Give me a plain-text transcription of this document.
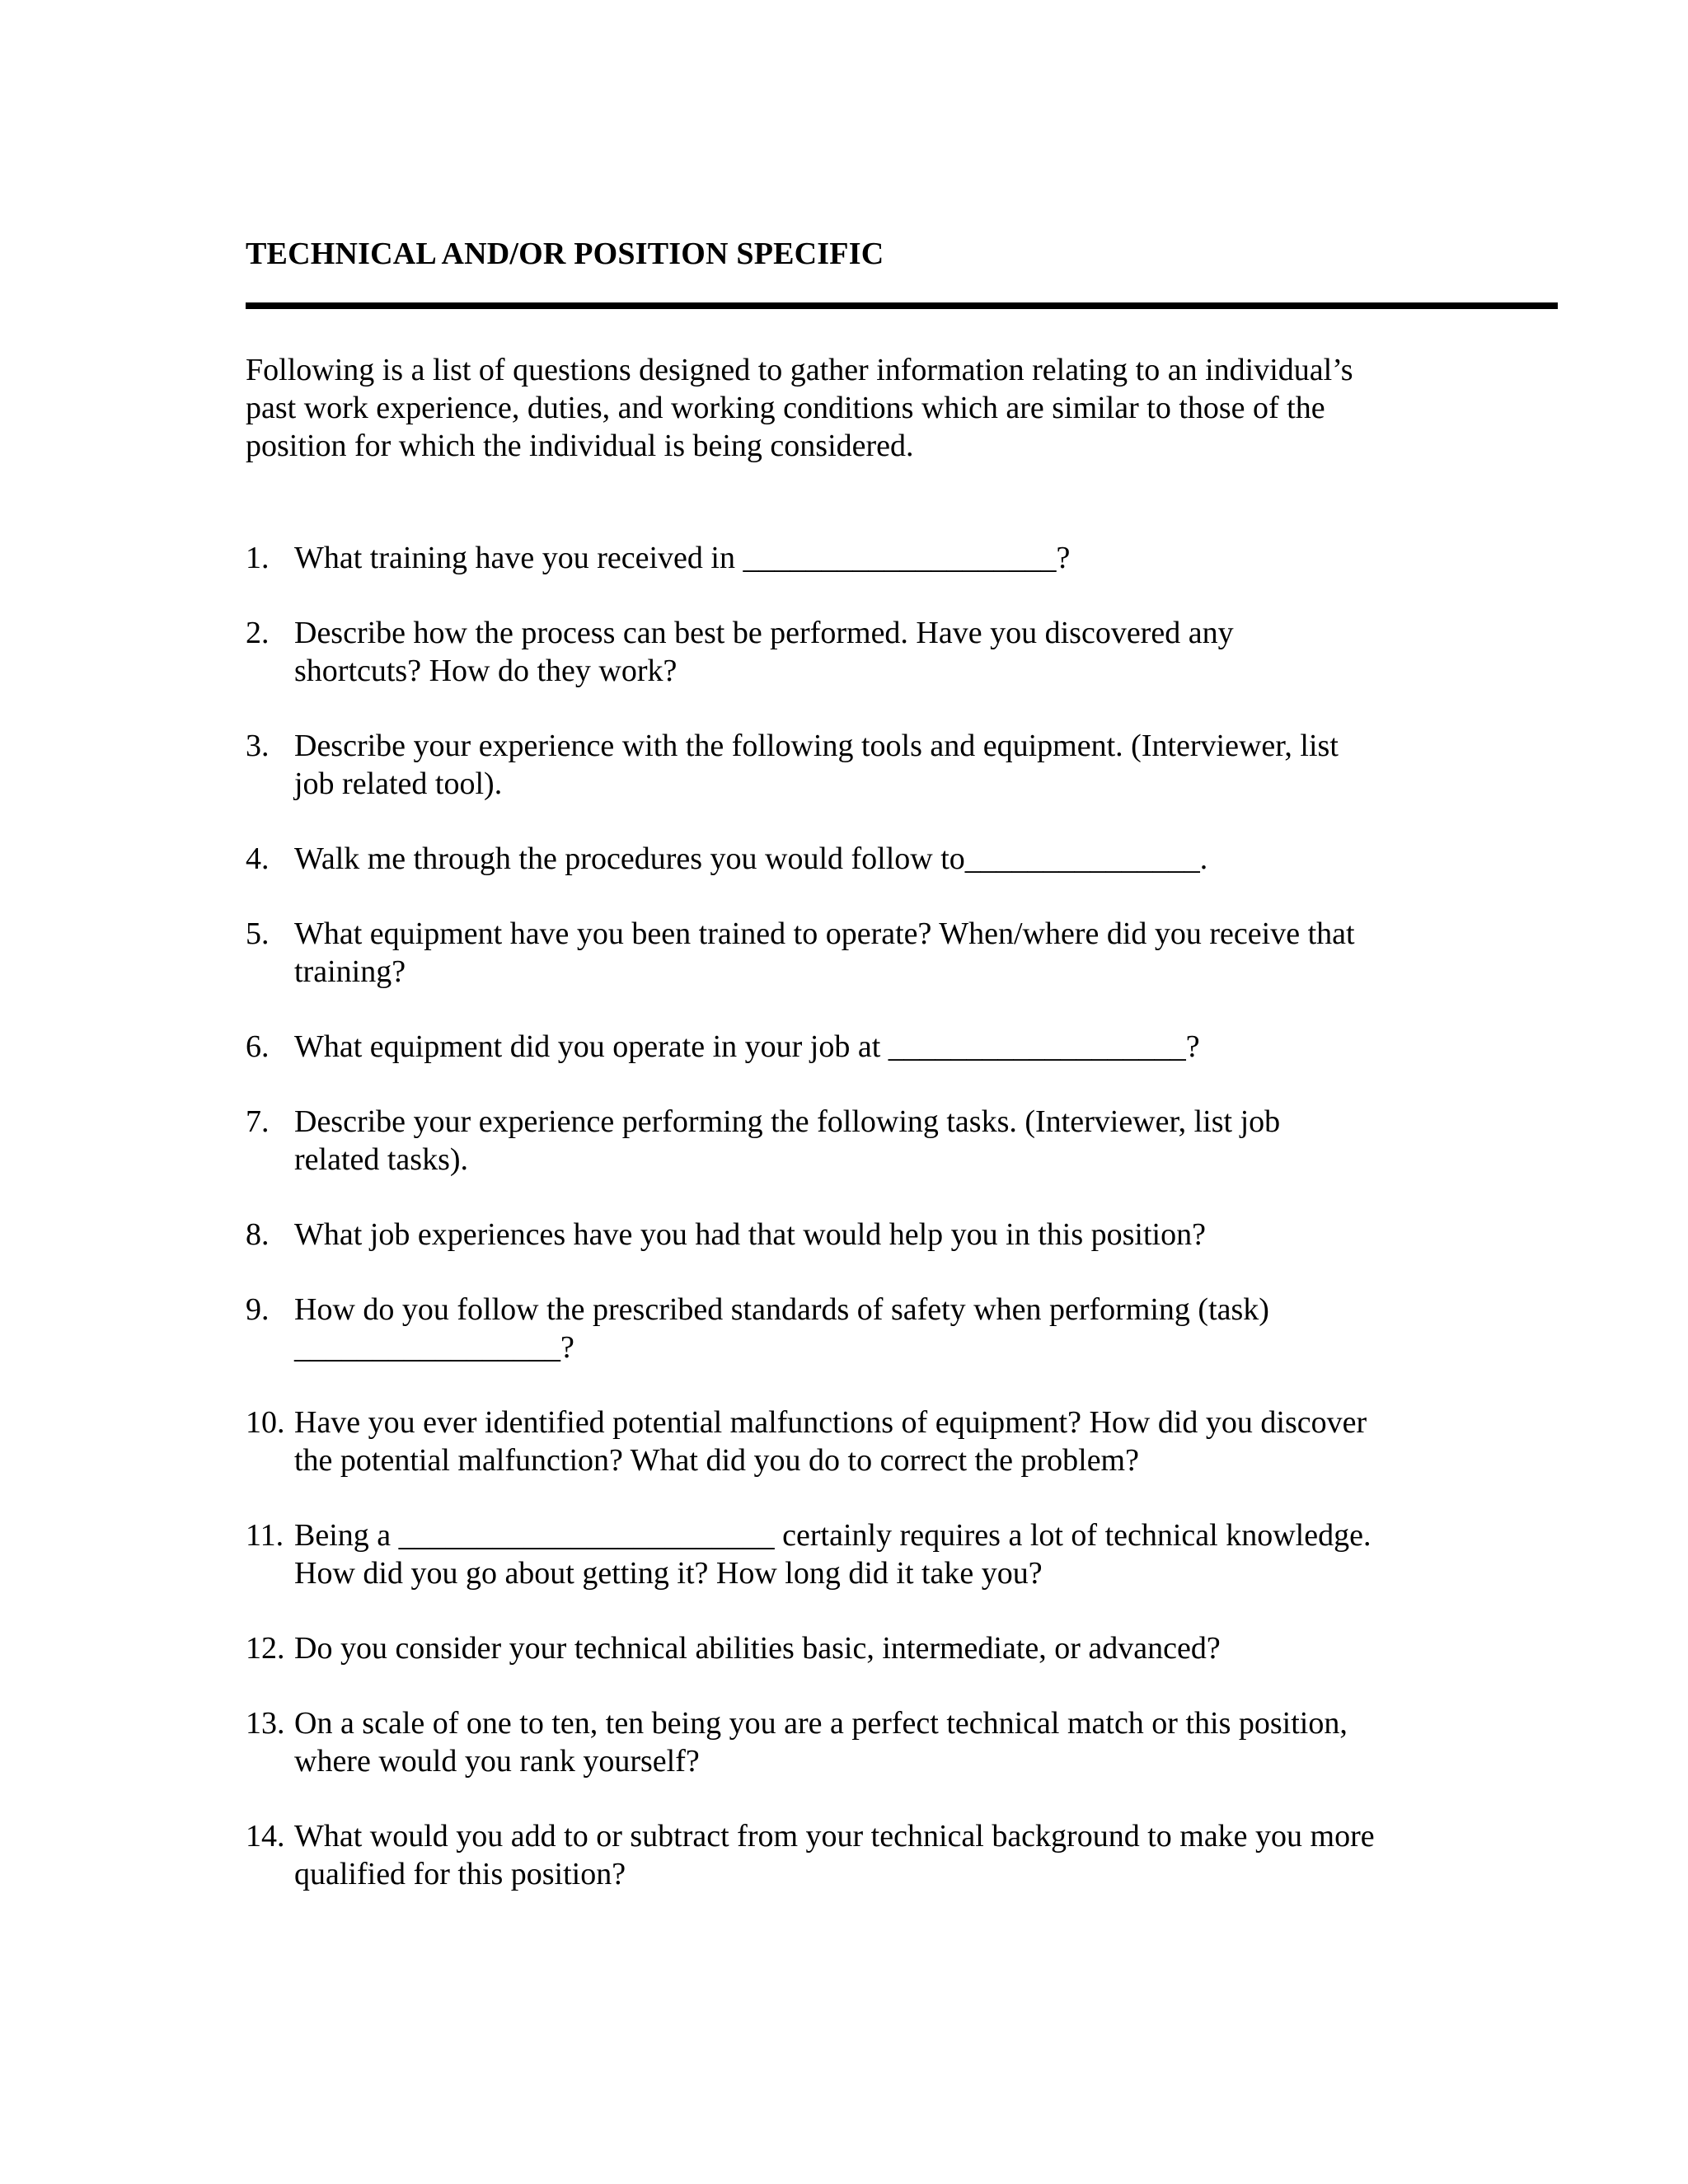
TECHNICAL AND/OR POSITION SPECIFIC
Following is a list of questions designed to gather information relating to an individual’s
past work experience, duties, and working conditions which are similar to those of the
position for which the individual is being considered.
1. What training have you received in ____________________?
2. Describe how the process can best be performed. Have you discovered any
shortcuts? How do they work?
3. Describe your experience with the following tools and equipment. (Interviewer, list
job related tool).
4. Walk me through the procedures you would follow to_______________.
5. What equipment have you been trained to operate? When/where did you receive that
training?
6. What equipment did you operate in your job at ___________________?
7. Describe your experience performing the following tasks. (Interviewer, list job
related tasks).
8. What job experiences have you had that would help you in this position?
9. How do you follow the prescribed standards of safety when performing (task)
_________________?
10. Have you ever identified potential malfunctions of equipment? How did you discover
the potential malfunction? What did you do to correct the problem?
11. Being a ________________________ certainly requires a lot of technical knowledge.
How did you go about getting it? How long did it take you?
12. Do you consider your technical abilities basic, intermediate, or advanced?
13. On a scale of one to ten, ten being you are a perfect technical match or this position,
where would you rank yourself?
14. What would you add to or subtract from your technical background to make you more
qualified for this position?
